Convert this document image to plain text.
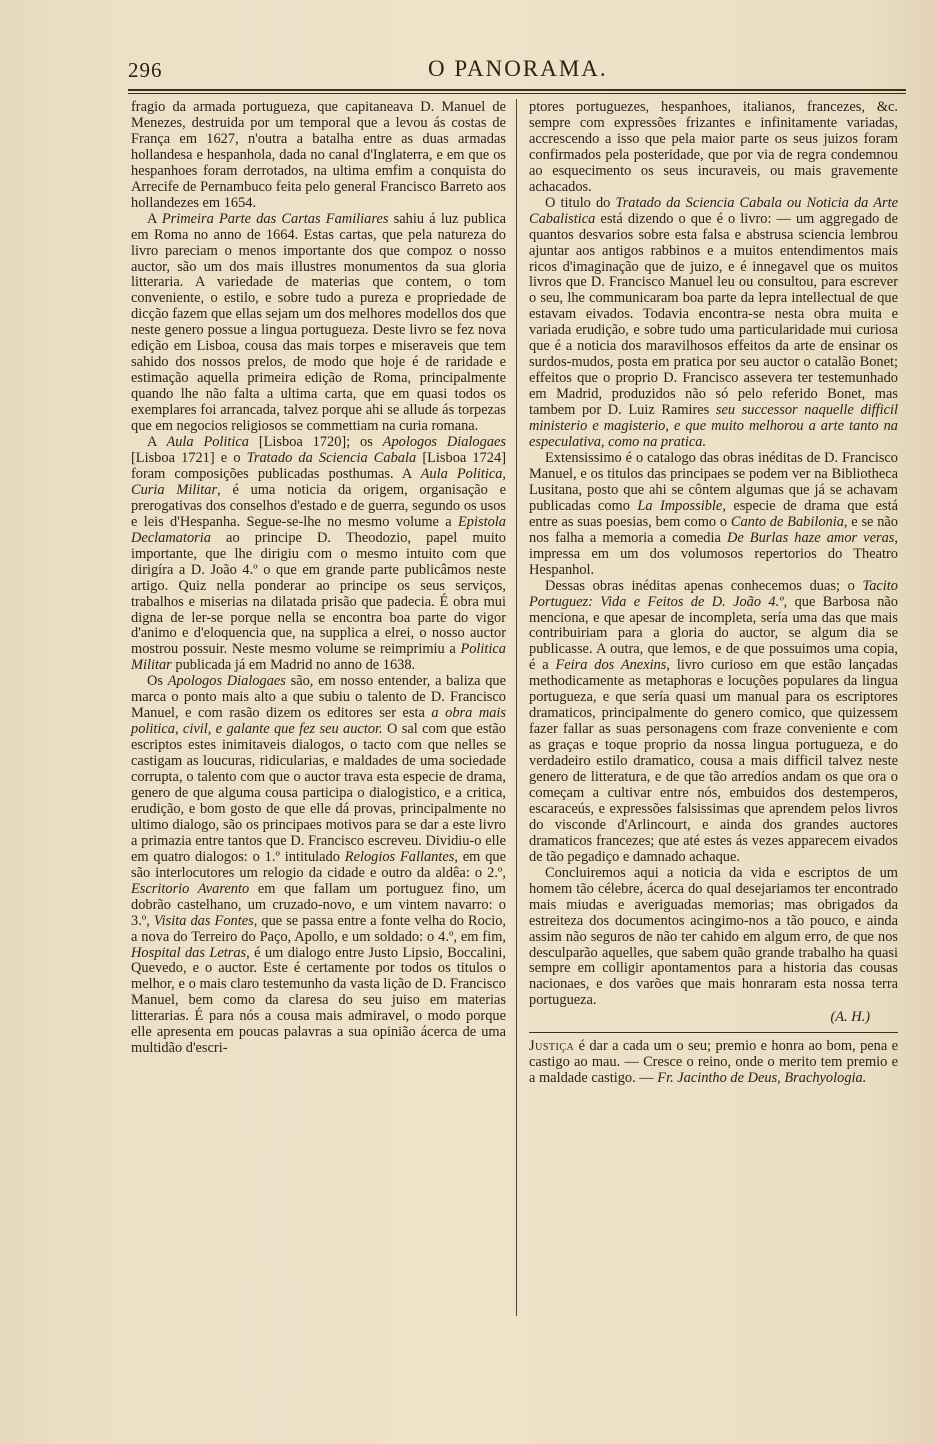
296	O PANORAMA.

fragio da armada portugueza, que capitaneava D. Manuel de Menezes, destruida por um temporal que a levou ás costas de França em 1627, n'outra a batalha entre as duas armadas hollandesa e hespanhola, dada no canal d'Inglaterra, e em que os hespanhoes foram derrotados, na ultima emfim a conquista do Arrecife de Pernambuco feita pelo general Francisco Barreto aos hollandezes em 1654.

A Primeira Parte das Cartas Familiares sahiu á luz publica em Roma no anno de 1664. Estas cartas, que pela natureza do livro pareciam o menos importante dos que compoz o nosso auctor, são um dos mais illustres monumentos da sua gloria litteraria. A variedade de materias que contem, o tom conveniente, o estilo, e sobre tudo a pureza e propriedade de dicção fazem que ellas sejam um dos melhores modellos dos que neste genero possue a lingua portugueza. Deste livro se fez nova edição em Lisboa, cousa das mais torpes e miseraveis que tem sahido dos nossos prelos, de modo que hoje é de raridade e estimação aquella primeira edição de Roma, principalmente quando lhe não falta a ultima carta, que em quasi todos os exemplares foi arrancada, talvez porque ahi se allude ás torpezas que em negocios religiosos se commettiam na curia romana.

A Aula Politica [Lisboa 1720]; os Apologos Dialogaes [Lisboa 1721] e o Tratado da Sciencia Cabala [Lisboa 1724] foram composições publicadas posthumas. A Aula Politica, Curia Militar, é uma noticia da origem, organisação e prerogativas dos conselhos d'estado e de guerra, segundo os usos e leis d'Hespanha. Segue-se-lhe no mesmo volume a Epistola Declamatoria ao principe D. Theodozio, papel muito importante, que lhe dirigiu com o mesmo intuito com que dirigíra a D. João 4.º o que em grande parte publicâmos neste artigo. Quiz nella ponderar ao principe os seus serviços, trabalhos e miserias na dilatada prisão que padecia. É obra mui digna de ler-se porque nella se encontra boa parte do vigor d'animo e d'eloquencia que, na supplica a elrei, o nosso auctor mostrou possuir. Neste mesmo volume se reimprimiu a Politica Militar publicada já em Madrid no anno de 1638.

Os Apologos Dialogaes são, em nosso entender, a baliza que marca o ponto mais alto a que subiu o talento de D. Francisco Manuel, e com rasão dizem os editores ser esta a obra mais politica, civil, e galante que fez seu auctor. O sal com que estão escriptos estes inimitaveis dialogos, o tacto com que nelles se castigam as loucuras, ridicularias, e maldades de uma sociedade corrupta, o talento com que o auctor trava esta especie de drama, genero de que alguma cousa participa o dialogistico, e a critica, erudição, e bom gosto de que elle dá provas, principalmente no ultimo dialogo, são os principaes motivos para se dar a este livro a primazia entre tantos que D. Francisco escreveu. Dividiu-o elle em quatro dialogos: o 1.º intitulado Relogios Fallantes, em que são interlocutores um relogio da cidade e outro da aldêa: o 2.º, Escritorio Avarento em que fallam um portuguez fino, um dobrão castelhano, um cruzado-novo, e um vintem navarro: o 3.º, Visita das Fontes, que se passa entre a fonte velha do Rocio, a nova do Terreiro do Paço, Apollo, e um soldado: o 4.º, em fim, Hospital das Letras, é um dialogo entre Justo Lipsio, Boccalini, Quevedo, e o auctor. Este é certamente por todos os titulos o melhor, e o mais claro testemunho da vasta lição de D. Francisco Manuel, bem como da claresa do seu juiso em materias litterarias. É para nós a cousa mais admiravel, o modo porque elle apresenta em poucas palavras a sua opinião ácerca de uma multidão d'escri-

ptores portuguezes, hespanhoes, italianos, francezes, &c. sempre com expressões frizantes e infinitamente variadas, accrescendo a isso que pela maior parte os seus juizos foram confirmados pela posteridade, que por via de regra condemnou ao esquecimento os seus incuraveis, ou mais gravemente achacados.

O titulo do Tratado da Sciencia Cabala ou Noticia da Arte Cabalistica está dizendo o que é o livro: — um aggregado de quantos desvarios sobre esta falsa e abstrusa sciencia lembrou ajuntar aos antigos rabbinos e a muitos entendimentos mais ricos d'imaginação que de juizo, e é innegavel que os muitos livros que D. Francisco Manuel leu ou consultou, para escrever o seu, lhe communicaram boa parte da lepra intellectual de que estavam eivados. Todavia encontra-se nesta obra muita e variada erudição, e sobre tudo uma particularidade mui curiosa que é a noticia dos maravilhosos effeitos da arte de ensinar os surdos-mudos, posta em pratica por seu auctor o catalão Bonet; effeitos que o proprio D. Francisco assevera ter testemunhado em Madrid, produzidos não só pelo referido Bonet, mas tambem por D. Luiz Ramires seu successor naquelle difficil ministerio e magisterio, e que muito melhorou a arte tanto na especulativa, como na pratica.

Extensissimo é o catalogo das obras inéditas de D. Francisco Manuel, e os titulos das principaes se podem ver na Bibliotheca Lusitana, posto que ahi se côntem algumas que já se achavam publicadas como La Impossible, especie de drama que está entre as suas poesias, bem como o Canto de Babilonia, e se não nos falha a memoria a comedia De Burlas haze amor veras, impressa em um dos volumosos repertorios do Theatro Hespanhol.

Dessas obras inéditas apenas conhecemos duas; o Tacito Portuguez: Vida e Feitos de D. João 4.º, que Barbosa não menciona, e que apesar de incompleta, sería uma das que mais contribuiriam para a gloria do auctor, se algum dia se publicasse. A outra, que lemos, e de que possuimos uma copia, é a Feira dos Anexins, livro curioso em que estão lançadas methodicamente as metaphoras e locuções populares da lingua portugueza, e que sería quasi um manual para os escriptores dramaticos, principalmente do genero comico, que quizessem fazer fallar as suas personagens com fraze conveniente e com as graças e toque proprio da nossa lingua portugueza, e do verdadeiro estilo dramatico, cousa a mais difficil talvez neste genero de litteratura, e de que tão arredíos andam os que ora o começam a cultivar entre nós, embuidos dos destemperos, escaraceús, e expressões falsissimas que aprendem pelos livros do visconde d'Arlincourt, e ainda dos grandes auctores dramaticos francezes; que até estes ás vezes apparecem eivados de tão pegadiço e damnado achaque.

Concluiremos aqui a noticia da vida e escriptos de um homem tão célebre, ácerca do qual desejariamos ter encontrado mais miudas e averiguadas memorias; mas obrigados da estreiteza dos documentos acingimo-nos a tão pouco, e ainda assim não seguros de não ter cahido em algum erro, de que nos desculparão aquelles, que sabem quão grande trabalho ha quasi sempre em colligir apontamentos para a historia das cousas nacionaes, e dos varões que mais honraram esta nossa terra portugueza.

(A. H.)

Justiça é dar a cada um o seu; premio e honra ao bom, pena e castigo ao mau. — Cresce o reino, onde o merito tem premio e a maldade castigo. — Fr. Jacintho de Deus, Brachyologia.
